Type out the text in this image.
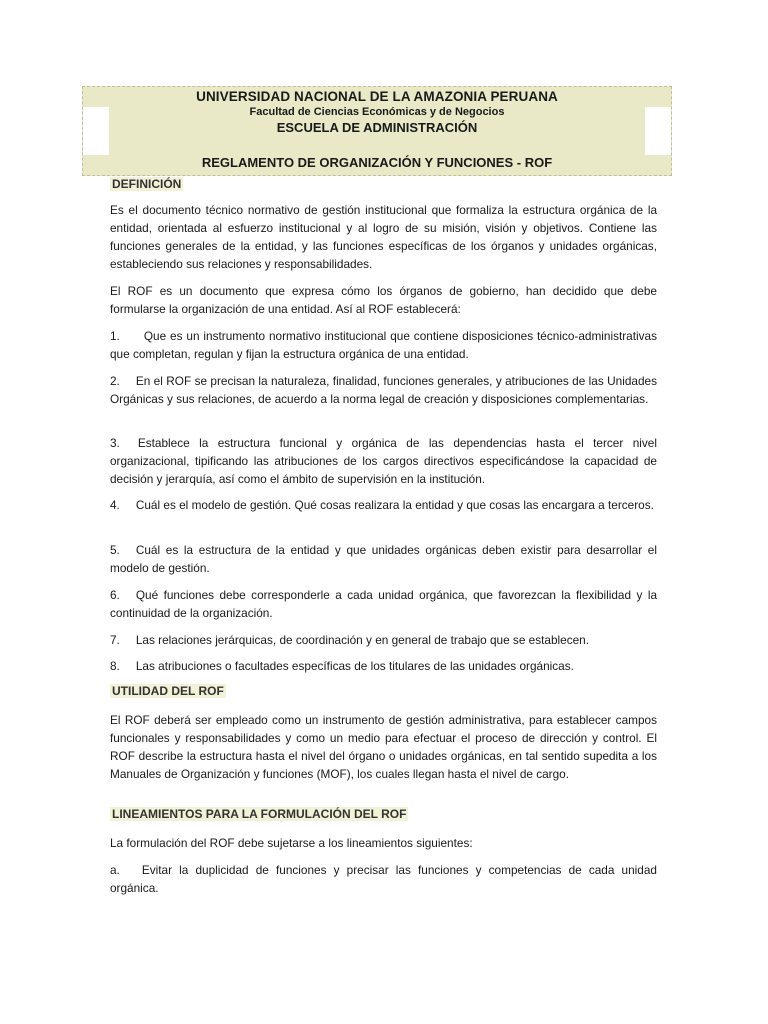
UNIVERSIDAD NACIONAL DE LA AMAZONIA PERUANA
Facultad de Ciencias Económicas y de Negocios
ESCUELA DE ADMINISTRACIÓN
REGLAMENTO DE ORGANIZACIÓN Y FUNCIONES - ROF
DEFINICIÓN

Es el documento técnico normativo de gestión institucional que formaliza la estructura orgánica de la entidad, orientada al esfuerzo institucional y al logro de su misión, visión y objetivos. Contiene las funciones generales de la entidad, y las funciones específicas de los órganos y unidades orgánicas, estableciendo sus relaciones y responsabilidades.

El ROF es un documento que expresa cómo los órganos de gobierno, han decidido que debe formularse la organización de una entidad. Así al ROF establecerá:

1. Que es un instrumento normativo institucional que contiene disposiciones técnico-administrativas que completan, regulan y fijan la estructura orgánica de una entidad.

2. En el ROF se precisan la naturaleza, finalidad, funciones generales, y atribuciones de las Unidades Orgánicas y sus relaciones, de acuerdo a la norma legal de creación y disposiciones complementarias.

3. Establece la estructura funcional y orgánica de las dependencias hasta el tercer nivel organizacional, tipificando las atribuciones de los cargos directivos especificándose la capacidad de decisión y jerarquía, así como el ámbito de supervisión en la institución.

4. Cuál es el modelo de gestión. Qué cosas realizara la entidad y que cosas las encargara a terceros.

5. Cuál es la estructura de la entidad y que unidades orgánicas deben existir para desarrollar el modelo de gestión.

6. Qué funciones debe corresponderle a cada unidad orgánica, que favorezcan la flexibilidad y la continuidad de la organización.

7. Las relaciones jerárquicas, de coordinación y en general de trabajo que se establecen.

8. Las atribuciones o facultades específicas de los titulares de las unidades orgánicas.

UTILIDAD DEL ROF

El ROF deberá ser empleado como un instrumento de gestión administrativa, para establecer campos funcionales y responsabilidades y como un medio para efectuar el proceso de dirección y control. El ROF describe la estructura hasta el nivel del órgano o unidades orgánicas, en tal sentido supedita a los Manuales de Organización y funciones (MOF), los cuales llegan hasta el nivel de cargo.

LINEAMIENTOS PARA LA FORMULACIÓN DEL ROF

La formulación del ROF debe sujetarse a los lineamientos siguientes:

a. Evitar la duplicidad de funciones y precisar las funciones y competencias de cada unidad orgánica.
